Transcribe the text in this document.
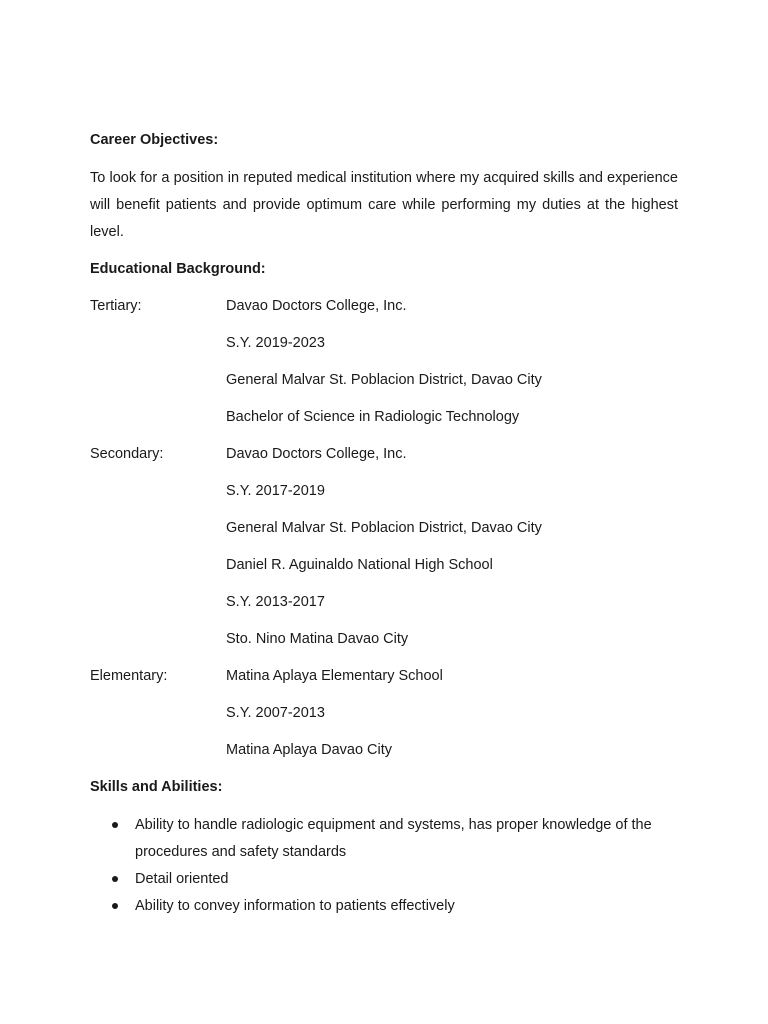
Career Objectives:

To look for a position in reputed medical institution where my acquired skills and experience will benefit patients and provide optimum care while performing my duties at the highest level.

Educational Background:

Tertiary:	Davao Doctors College, Inc.
S.Y. 2019-2023
General Malvar St. Poblacion District, Davao City
Bachelor of Science in Radiologic Technology
Secondary:	Davao Doctors College, Inc.
S.Y. 2017-2019
General Malvar St. Poblacion District, Davao City
Daniel R. Aguinaldo National High School
S.Y. 2013-2017
Sto. Nino Matina Davao City
Elementary:	Matina Aplaya Elementary School
S.Y. 2007-2013
Matina Aplaya Davao City

Skills and Abilities:

Ability to handle radiologic equipment and systems, has proper knowledge of the procedures and safety standards
Detail oriented
Ability to convey information to patients effectively
